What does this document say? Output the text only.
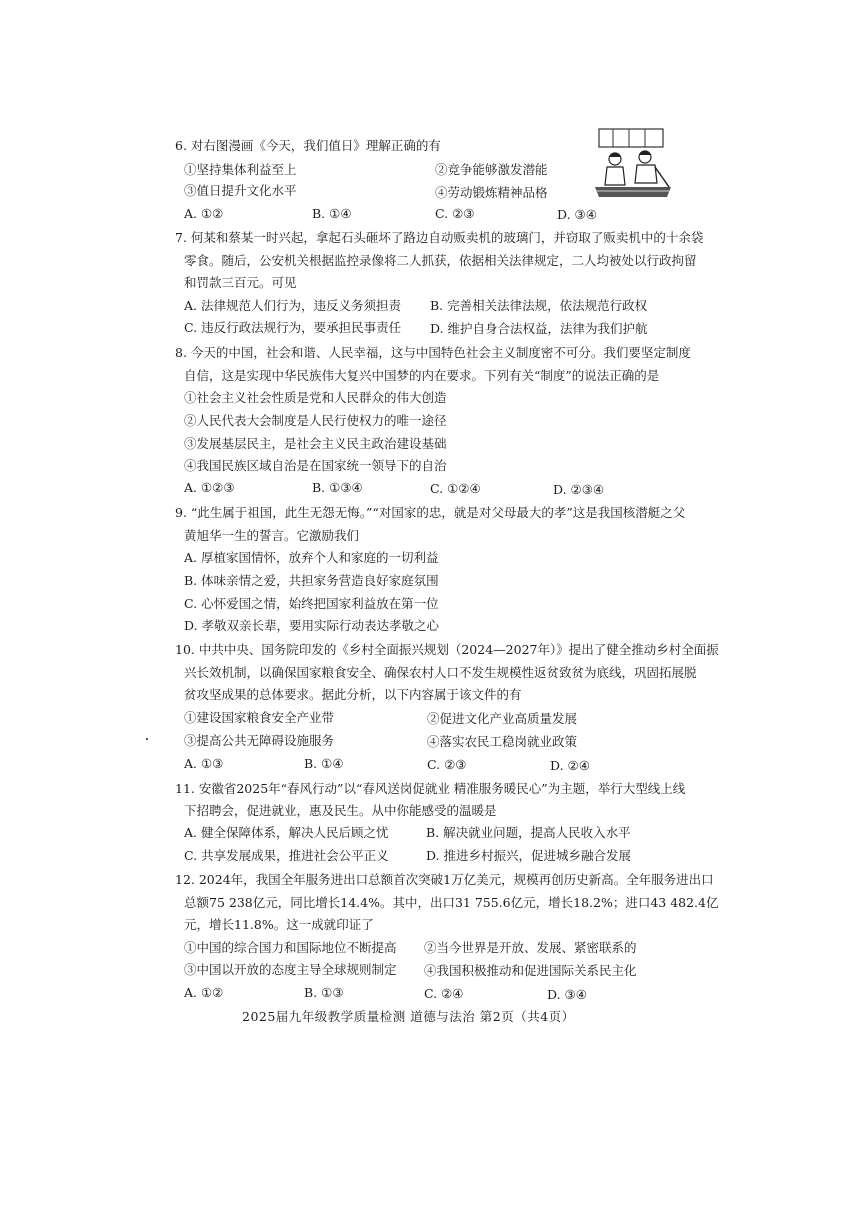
6. 对右图漫画《今天，我们值日》理解正确的有
①坚持集体利益至上	②竞争能够激发潜能
③值日提升文化水平	④劳动锻炼精神品格
A. ①②	B. ①④	C. ②③	D. ③④
7. 何某和蔡某一时兴起，拿起石头砸坏了路边自动贩卖机的玻璃门，并窃取了贩卖机中的十余袋
零食。随后，公安机关根据监控录像将二人抓获，依据相关法律规定，二人均被处以行政拘留
和罚款三百元。可见
A. 法律规范人们行为，违反义务须担责 B. 完善相关法律法规，依法规范行政权
C. 违反行政法规行为，要承担民事责任 D. 维护自身合法权益，法律为我们护航
8. 今天的中国，社会和谐、人民幸福，这与中国特色社会主义制度密不可分。我们要坚定制度
自信，这是实现中华民族伟大复兴中国梦的内在要求。下列有关“制度”的说法正确的是
①社会主义社会性质是党和人民群众的伟大创造
②人民代表大会制度是人民行使权力的唯一途径
③发展基层民主，是社会主义民主政治建设基础
④我国民族区域自治是在国家统一领导下的自治
A. ①②③	B. ①③④	C. ①②④	D. ②③④
9. “此生属于祖国，此生无怨无悔。”“对国家的忠，就是对父母最大的孝”这是我国核潜艇之父
黄旭华一生的誓言。它激励我们
A. 厚植家国情怀，放弃个人和家庭的一切利益
B. 体味亲情之爱，共担家务营造良好家庭氛围
C. 心怀爱国之情，始终把国家利益放在第一位
D. 孝敬双亲长辈，要用实际行动表达孝敬之心
10. 中共中央、国务院印发的《乡村全面振兴规划（2024—2027年）》提出了健全推动乡村全面振
兴长效机制，以确保国家粮食安全、确保农村人口不发生规模性返贫致贫为底线，巩固拓展脱
贫攻坚成果的总体要求。据此分析，以下内容属于该文件的有
①建设国家粮食安全产业带	②促进文化产业高质量发展
③提高公共无障碍设施服务	④落实农民工稳岗就业政策
A. ①③	B. ①④	C. ②③	D. ②④
11. 安徽省2025年“春风行动”以“春风送岗促就业 精准服务暖民心”为主题，举行大型线上线
下招聘会，促进就业，惠及民生。从中你能感受的温暖是
A. 健全保障体系，解决人民后顾之忧	B. 解决就业问题，提高人民收入水平
C. 共享发展成果，推进社会公平正义	D. 推进乡村振兴，促进城乡融合发展
12. 2024年，我国全年服务进出口总额首次突破1万亿美元，规模再创历史新高。全年服务进出口
总额75 238亿元，同比增长14.4%。其中，出口31 755.6亿元，增长18.2%；进口43 482.4亿
元，增长11.8%。这一成就印证了
①中国的综合国力和国际地位不断提高 ②当今世界是开放、发展、紧密联系的
③中国以开放的态度主导全球规则制定 ④我国积极推动和促进国际关系民主化
A. ①②	B. ①③	C. ②④	D. ③④
2025届九年级教学质量检测 道德与法治 第2页（共4页）
